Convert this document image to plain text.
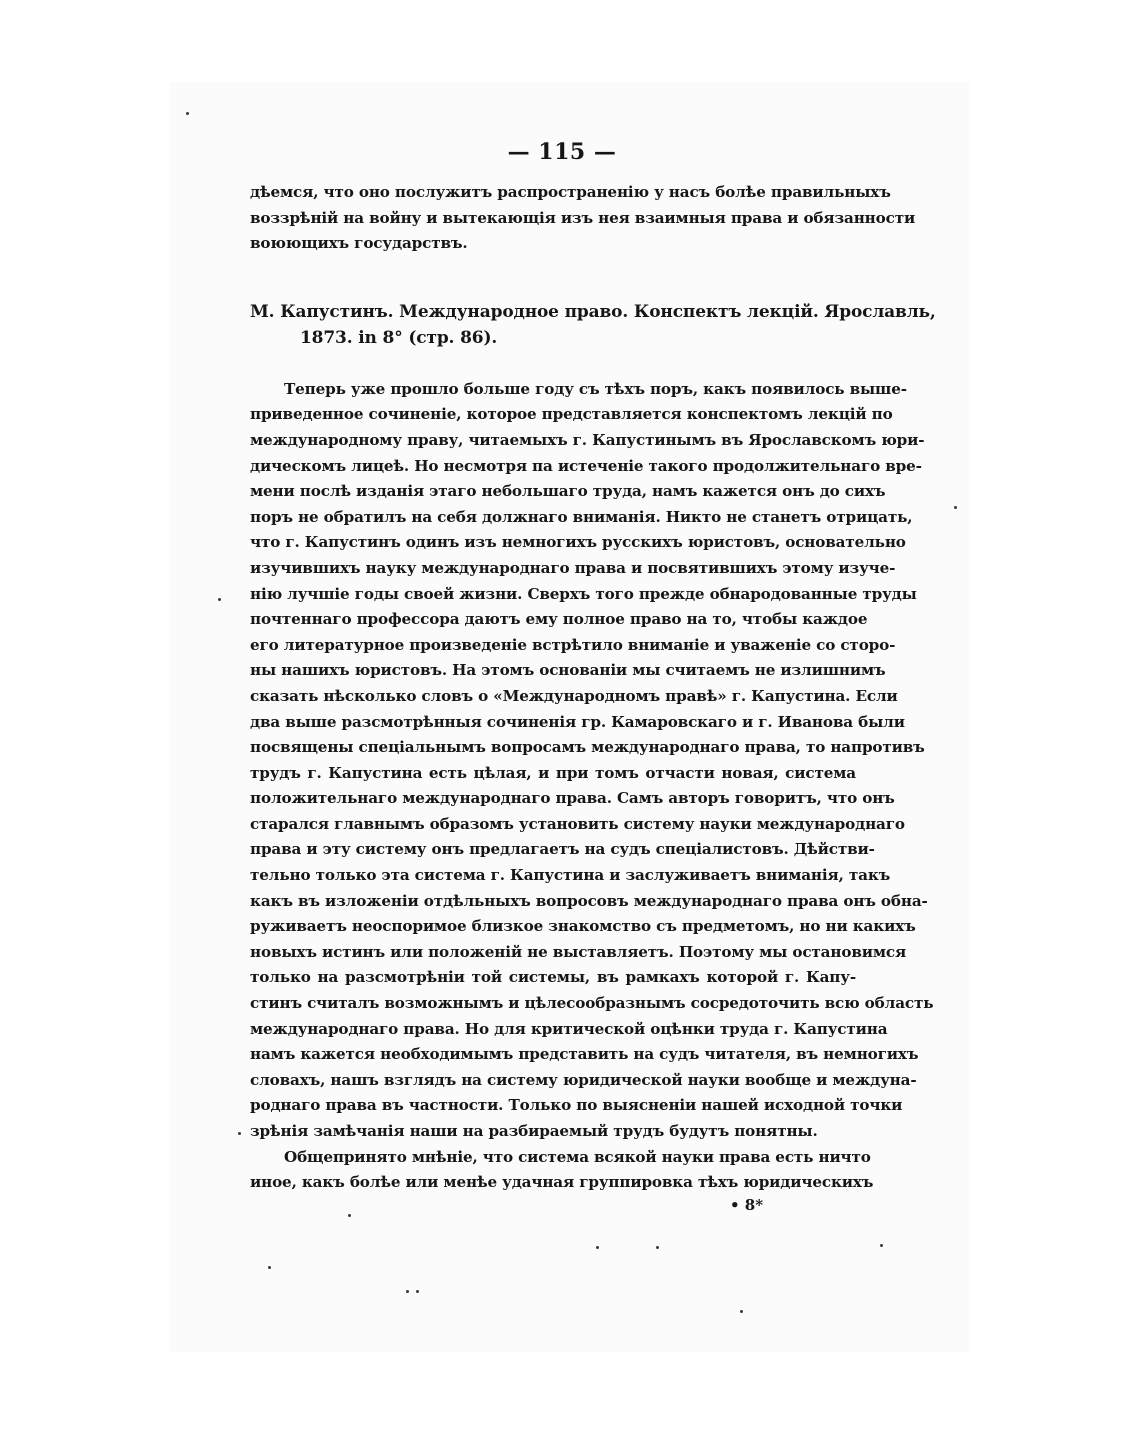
— 115 —
дѣемся, что оно послужитъ распространенію у насъ болѣе правильныхъ
воззрѣній на войну и вытекающія изъ нея взаимныя права и обязанности
воюющихъ государствъ.
М. Капустинъ. Международное право. Конспектъ лекцій. Ярославль,
1873. in 8° (стр. 86).
Теперь уже прошло больше году съ тѣхъ поръ, какъ появилось выше-
приведенное сочиненіе, которое представляется конспектомъ лекцій по
международному праву, читаемыхъ г. Капустинымъ въ Ярославскомъ юри-
дическомъ лицеѣ. Но несмотря па истеченіе такого продолжительнаго вре-
мени послѣ изданія этаго небольшаго труда, намъ кажется онъ до сихъ
поръ не обратилъ на себя должнаго вниманія. Никто не станетъ отрицать,
что г. Капустинъ одинъ изъ немногихъ русскихъ юристовъ, основательно
изучившихъ науку международнаго права и посвятившихъ этому изуче-
нію лучшіе годы своей жизни. Сверхъ того прежде обнародованные труды
почтеннаго профессора даютъ ему полное право на то, чтобы каждое
его литературное произведеніе встрѣтило вниманіе и уваженіе со сторо-
ны нашихъ юристовъ. На этомъ основаніи мы считаемъ не излишнимъ
сказать нѣсколько словъ о «Международномъ правѣ» г. Капустина. Если
два выше разсмотрѣнныя сочиненія гр. Камаровскаго и г. Иванова были
посвящены спеціальнымъ вопросамъ международнаго права, то напротивъ
трудъ г. Капустина есть цѣлая, и при томъ отчасти новая, система
положительнаго международнаго права. Самъ авторъ говоритъ, что онъ
старался главнымъ образомъ установить систему науки международнаго
права и эту систему онъ предлагаетъ на судъ спеціалистовъ. Дѣйстви-
тельно только эта система г. Капустина и заслуживаетъ вниманія, такъ
какъ въ изложеніи отдѣльныхъ вопросовъ международнаго права онъ обна-
руживаетъ неоспоримое близкое знакомство съ предметомъ, но ни какихъ
новыхъ истинъ или положеній не выставляетъ. Поэтому мы остановимся
только на разсмотрѣніи той системы, въ рамкахъ которой г. Капу-
стинъ считалъ возможнымъ и цѣлесообразнымъ сосредоточить всю область
международнаго права. Но для критической оцѣнки труда г. Капустина
намъ кажется необходимымъ представить на судъ читателя, въ немногихъ
словахъ, нашъ взглядъ на систему юридической науки вообще и междуна-
роднаго права въ частности. Только по выясненіи нашей исходной точки
зрѣнія замѣчанія наши на разбираемый трудъ будутъ понятны.
Общепринято мнѣніе, что система всякой науки права есть ничто
иное, какъ болѣе или менѣе удачная группировка тѣхъ юридическихъ
• 8*
